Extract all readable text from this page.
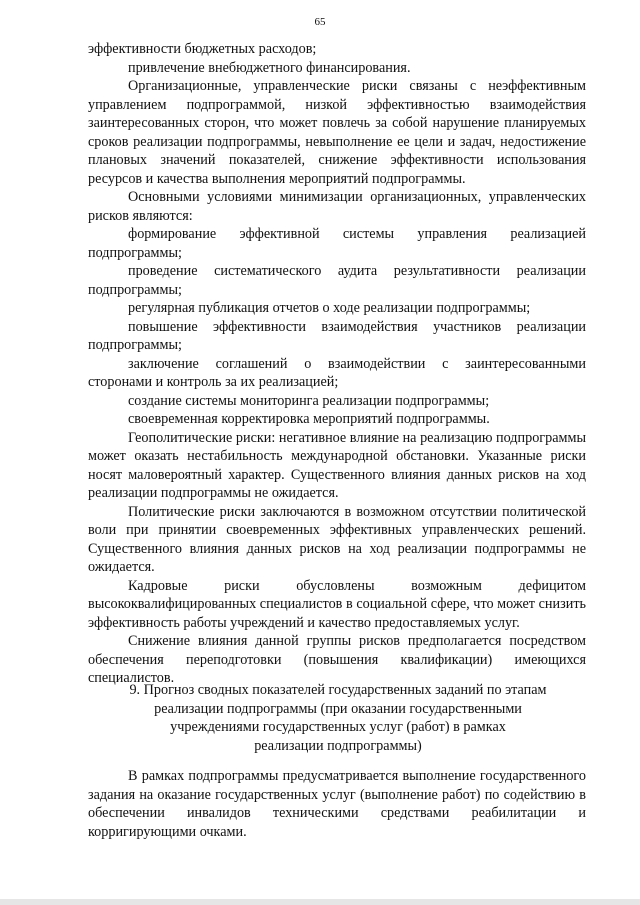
65

эффективности бюджетных расходов;

привлечение внебюджетного финансирования.

Организационные, управленческие риски связаны с неэффективным управлением подпрограммой, низкой эффективностью взаимодействия заинтересованных сторон, что может повлечь за собой нарушение планируемых сроков реализации подпрограммы, невыполнение ее цели и задач, недостижение плановых значений показателей, снижение эффективности использования ресурсов и качества выполнения мероприятий подпрограммы.

Основными условиями минимизации организационных, управленческих рисков являются:

формирование эффективной системы управления реализацией подпрограммы;

проведение систематического аудита результативности реализации подпрограммы;

регулярная публикация отчетов о ходе реализации подпрограммы;

повышение эффективности взаимодействия участников реализации подпрограммы;

заключение соглашений о взаимодействии с заинтересованными сторонами и контроль за их реализацией;

создание системы мониторинга реализации подпрограммы;

своевременная корректировка мероприятий подпрограммы.

Геополитические риски: негативное влияние на реализацию подпрограммы может оказать нестабильность международной обстановки. Указанные риски носят маловероятный характер. Существенного влияния данных рисков на ход реализации подпрограммы не ожидается.

Политические риски заключаются в возможном отсутствии политической воли при принятии своевременных эффективных управленческих решений. Существенного влияния данных рисков на ход реализации подпрограммы не ожидается.

Кадровые риски обусловлены возможным дефицитом высококвалифицированных специалистов в социальной сфере, что может снизить эффективность работы учреждений и качество предоставляемых услуг.

Снижение влияния данной группы рисков предполагается посредством обеспечения переподготовки (повышения квалификации) имеющихся специалистов.

9. Прогноз сводных показателей государственных заданий по этапам

реализации подпрограммы (при оказании государственными

учреждениями государственных услуг (работ) в рамках

реализации подпрограммы)

В рамках подпрограммы предусматривается выполнение государственного задания на оказание государственных услуг (выполнение работ) по содействию в обеспечении инвалидов техническими средствами реабилитации и корригирующими очками.
